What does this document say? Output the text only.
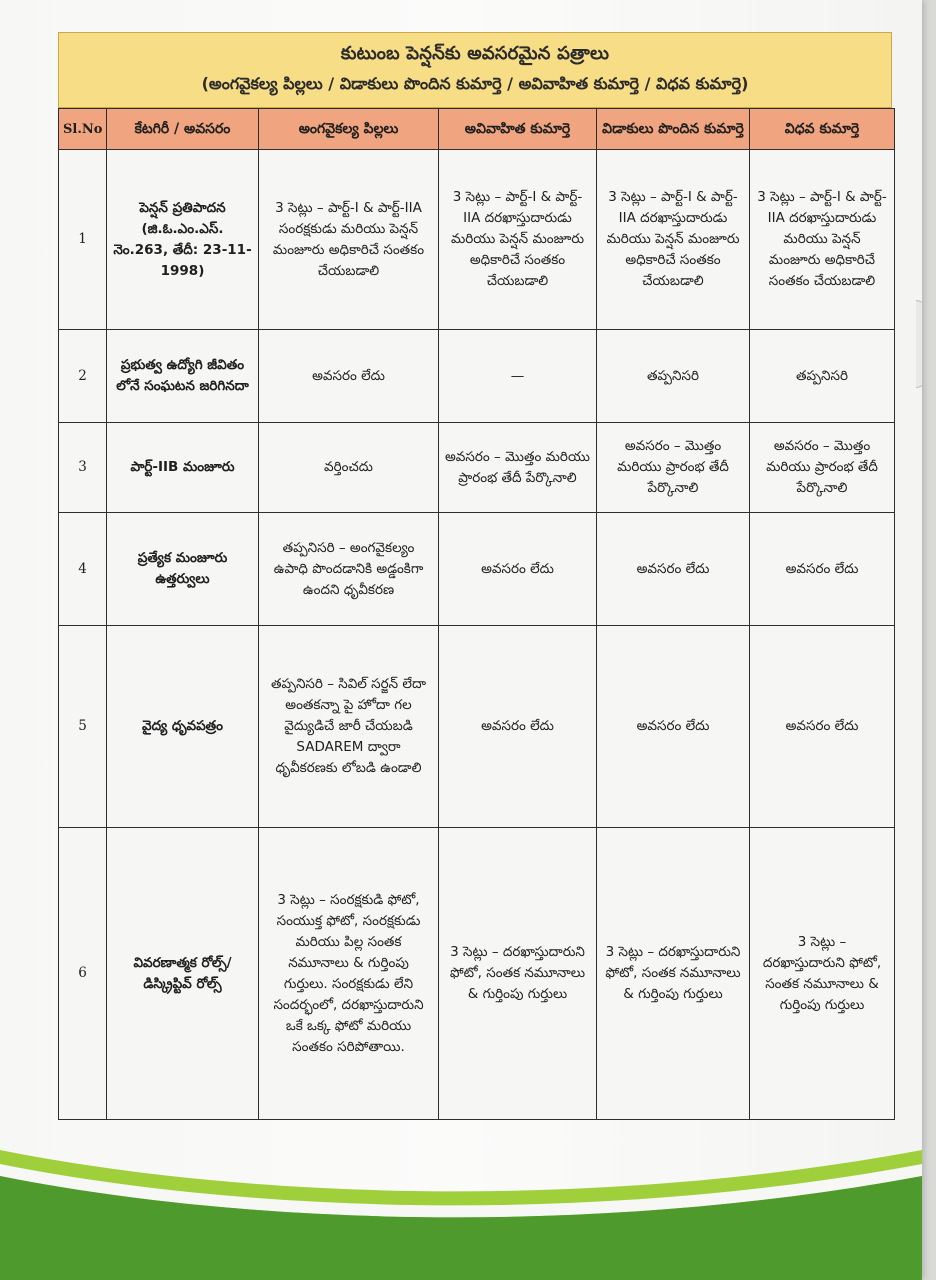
కుటుంబ పెన్షన్‌కు అవసరమైన పత్రాలు
(అంగవైకల్య పిల్లలు / విడాకులు పొందిన కుమార్తె / అవివాహిత కుమార్తె / విధవ కుమార్తె)
Sl.No	కేటగిరీ / అవసరం	అంగవైకల్య పిల్లలు	అవివాహిత కుమార్తె	విడాకులు పొందిన కుమార్తె	విధవ కుమార్తె
1	పెన్షన్ ప్రతిపాదన (జి.ఓ.ఎం.ఎస్. నెం.263, తేదీ: 23-11-1998)	3 సెట్లు – పార్ట్-I & పార్ట్-IIA సంరక్షకుడు మరియు పెన్షన్ మంజూరు అధికారిచే సంతకం చేయబడాలి	3 సెట్లు – పార్ట్-I & పార్ట్-IIA దరఖాస్తుదారుడు మరియు పెన్షన్ మంజూరు అధికారిచే సంతకం చేయబడాలి	3 సెట్లు – పార్ట్-I & పార్ట్-IIA దరఖాస్తుదారుడు మరియు పెన్షన్ మంజూరు అధికారిచే సంతకం చేయబడాలి	3 సెట్లు – పార్ట్-I & పార్ట్-IIA దరఖాస్తుదారుడు మరియు పెన్షన్ మంజూరు అధికారిచే సంతకం చేయబడాలి
2	ప్రభుత్వ ఉద్యోగి జీవితం లోనే సంఘటన జరిగినదా	అవసరం లేదు	—	తప్పనిసరి	తప్పనిసరి
3	పార్ట్-IIB మంజూరు	వర్తించదు	అవసరం – మొత్తం మరియు ప్రారంభ తేదీ పేర్కొనాలి	అవసరం – మొత్తం మరియు ప్రారంభ తేదీ పేర్కొనాలి	అవసరం – మొత్తం మరియు ప్రారంభ తేదీ పేర్కొనాలి
4	ప్రత్యేక మంజూరు ఉత్తర్వులు	తప్పనిసరి – అంగవైకల్యం ఉపాధి పొందడానికి అడ్డంకిగా ఉందని ధృవీకరణ	అవసరం లేదు	అవసరం లేదు	అవసరం లేదు
5	వైద్య ధృవపత్రం	తప్పనిసరి – సివిల్ సర్జన్ లేదా అంతకన్నా పై హోదా గల వైద్యుడిచే జారీ చేయబడి SADAREM ద్వారా ధృవీకరణకు లోబడి ఉండాలి	అవసరం లేదు	అవసరం లేదు	అవసరం లేదు
6	వివరణాత్మక రోల్స్/ డిస్క్రిప్టివ్ రోల్స్	3 సెట్లు – సంరక్షకుడి ఫోటో, సంయుక్త ఫోటో, సంరక్షకుడు మరియు పిల్ల సంతక నమూనాలు & గుర్తింపు గుర్తులు. సంరక్షకుడు లేని సందర్భంలో, దరఖాస్తుదారుని ఒకే ఒక్క ఫోటో మరియు సంతకం సరిపోతాయి.	3 సెట్లు – దరఖాస్తుదారుని ఫోటో, సంతక నమూనాలు & గుర్తింపు గుర్తులు	3 సెట్లు – దరఖాస్తుదారుని ఫోటో, సంతక నమూనాలు & గుర్తింపు గుర్తులు	3 సెట్లు – దరఖాస్తుదారుని ఫోటో, సంతక నమూనాలు & గుర్తింపు గుర్తులు
